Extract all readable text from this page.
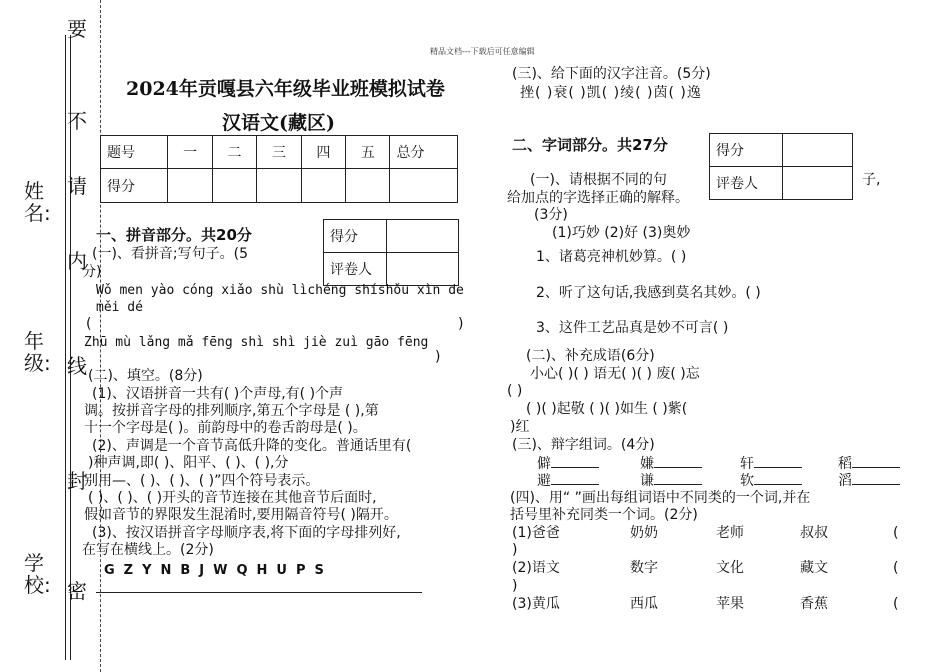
精品文档---下载后可任意编辑
学校:
年级:
姓名:
密
封
线
内
请
不
要
2024年贡嘎县六年级毕业班模拟试卷
汉语文(藏区)
题号	一	二	三	四	五	总分
得分						
得分	
评卷人	
一、拼音部分。共20分
(一)、看拼音;写句子。(5
分)
Wǒ men yào cóng xiǎo shù lìchéng shíshǒu xìn de
měi dé
(	)
Zhū mù lǎng mǎ fēng shì shì jiè zuì gāo fēng
)
(二)、填空。(8分)
(1)、汉语拼音一共有( )个声母,有( )个声
调。按拼音字母的排列顺序,第五个字母是 ( ),第
十一个字母是( )。前韵母中的卷舌韵母是( )。
(2)、声调是一个音节高低升降的变化。普通话里有(
)种声调,即( )、阳平、( )、( ),分
别用—、( )、( )、( )”四个符号表示。
( )、( )、( )开头的音节连接在其他音节后面时,
假如音节的界限发生混淆时,要用隔音符号( )隔开。
(3)、按汉语拼音字母顺序表,将下面的字母排列好,
在写在横线上。(2分)
GZYNBJWQHUPS
(三)、给下面的汉字注音。(5分)
挫( )衰( )凯( )绫( )茵( )逸
二、字词部分。共27分	得分	
评卷人	
(一)、请根据不同的句	子,
给加点的字选择正确的解释。
(3分)
(1)巧妙 (2)好 (3)奥妙
1、诸葛亮神机妙算。( )
2、听了这句话,我感到莫名其妙。( )
3、这件工艺品真是妙不可言( )
(二)、补充成语(6分)
小心( )( ) 语无( )( ) 废( )忘
( )
( )( )起敬 ( )( )如生 ( )紫(
)红
(三)、辩字组词。(4分)
僻	嫌	轩	稻
避	谦	软	滔
(四)、用“ ”画出每组词语中不同类的一个词,并在
括号里补充同类一个词。(2分)
(1)爸爸	奶奶	老师	叔叔	(
)
(2)语文	数字	文化	藏文	(
)
(3)黄瓜	西瓜	苹果	香蕉	(
